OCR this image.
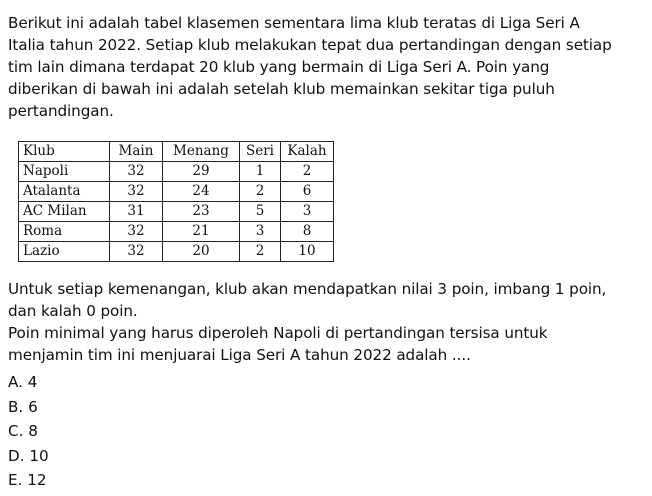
Berikut ini adalah tabel klasemen sementara lima klub teratas di Liga Seri A
Italia tahun 2022. Setiap klub melakukan tepat dua pertandingan dengan setiap
tim lain dimana terdapat 20 klub yang bermain di Liga Seri A. Poin yang
diberikan di bawah ini adalah setelah klub memainkan sekitar tiga puluh
pertandingan.

Klub	Main	Menang	Seri	Kalah
Napoli	32	29	1	2
Atalanta	32	24	2	6
AC Milan	31	23	5	3
Roma	32	21	3	8
Lazio	32	20	2	10

Untuk setiap kemenangan, klub akan mendapatkan nilai 3 poin, imbang 1 poin,
dan kalah 0 poin.

Poin minimal yang harus diperoleh Napoli di pertandingan tersisa untuk
menjamin tim ini menjuarai Liga Seri A tahun 2022 adalah ....

A. 4
B. 6
C. 8
D. 10
E. 12
